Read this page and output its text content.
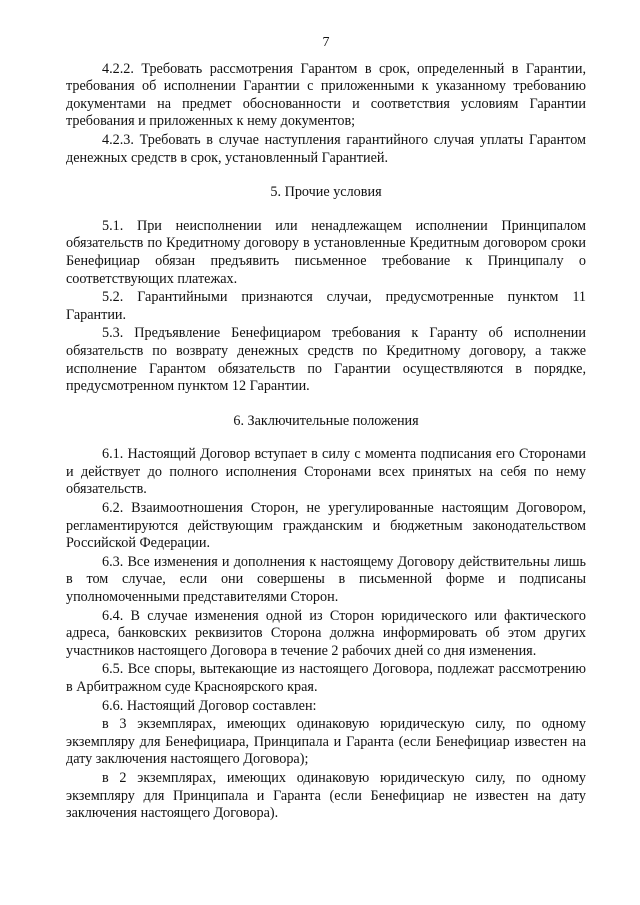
7

4.2.2. Требовать рассмотрения Гарантом в срок, определенный в Гарантии, требования об исполнении Гарантии с приложенными к указанному требованию документами на предмет обоснованности и соответствия условиям Гарантии требования и приложенных к нему документов;

4.2.3. Требовать в случае наступления гарантийного случая уплаты Гарантом денежных средств в срок, установленный Гарантией.

5. Прочие условия

5.1. При неисполнении или ненадлежащем исполнении Принципалом обязательств по Кредитному договору в установленные Кредитным договором сроки Бенефициар обязан предъявить письменное требование к Принципалу о соответствующих платежах.

5.2. Гарантийными признаются случаи, предусмотренные пунктом 11 Гарантии.

5.3. Предъявление Бенефициаром требования к Гаранту об исполнении обязательств по возврату денежных средств по Кредитному договору, а также исполнение Гарантом обязательств по Гарантии осуществляются в порядке, предусмотренном пунктом 12 Гарантии.

6. Заключительные положения

6.1. Настоящий Договор вступает в силу с момента подписания его Сторонами и действует до полного исполнения Сторонами всех принятых на себя по нему обязательств.

6.2. Взаимоотношения Сторон, не урегулированные настоящим Договором, регламентируются действующим гражданским и бюджетным законодательством Российской Федерации.

6.3. Все изменения и дополнения к настоящему Договору действительны лишь в том случае, если они совершены в письменной форме и подписаны уполномоченными представителями Сторон.

6.4. В случае изменения одной из Сторон юридического или фактического адреса, банковских реквизитов Сторона должна информировать об этом других участников настоящего Договора в течение 2 рабочих дней со дня изменения.

6.5. Все споры, вытекающие из настоящего Договора, подлежат рассмотрению в Арбитражном суде Красноярского края.

6.6. Настоящий Договор составлен:

в 3 экземплярах, имеющих одинаковую юридическую силу, по одному экземпляру для Бенефициара, Принципала и Гаранта (если Бенефициар известен на дату заключения настоящего Договора);

в 2 экземплярах, имеющих одинаковую юридическую силу, по одному экземпляру для Принципала и Гаранта (если Бенефициар не известен на дату заключения настоящего Договора).
